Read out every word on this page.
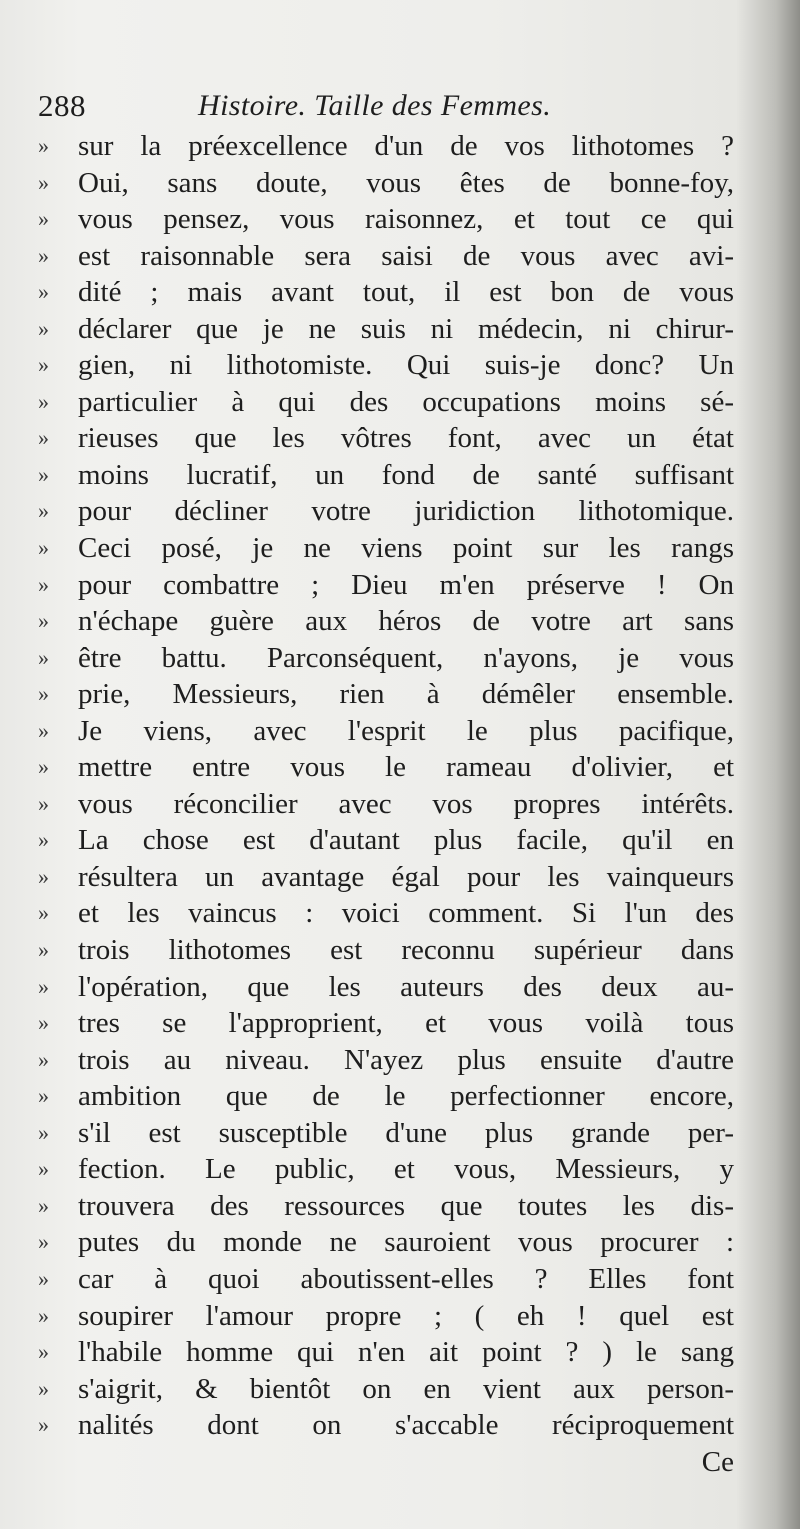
288	Histoire. Taille des Femmes.
»	sur la préexcellence d'un de vos lithotomes ?
»	Oui, sans doute, vous êtes de bonne-foy,
»	vous pensez, vous raisonnez, et tout ce qui
»	est raisonnable sera saisi de vous avec avi-
»	dité ; mais avant tout, il est bon de vous
»	déclarer que je ne suis ni médecin, ni chirur-
»	gien, ni lithotomiste. Qui suis-je donc? Un
»	particulier à qui des occupations moins sé-
»	rieuses que les vôtres font, avec un état
»	moins lucratif, un fond de santé suffisant
»	pour décliner votre juridiction lithotomique.
»	Ceci posé, je ne viens point sur les rangs
»	pour combattre ; Dieu m'en préserve ! On
»	n'échape guère aux héros de votre art sans
»	être battu. Parconséquent, n'ayons, je vous
»	prie, Messieurs, rien à démêler ensemble.
»	Je viens, avec l'esprit le plus pacifique,
»	mettre entre vous le rameau d'olivier, et
»	vous réconcilier avec vos propres intérêts.
»	La chose est d'autant plus facile, qu'il en
»	résultera un avantage égal pour les vainqueurs
»	et les vaincus : voici comment. Si l'un des
»	trois lithotomes est reconnu supérieur dans
»	l'opération, que les auteurs des deux au-
»	tres se l'approprient, et vous voilà tous
»	trois au niveau. N'ayez plus ensuite d'autre
»	ambition que de le perfectionner encore,
»	s'il est susceptible d'une plus grande per-
»	fection. Le public, et vous, Messieurs, y
»	trouvera des ressources que toutes les dis-
»	putes du monde ne sauroient vous procurer :
»	car à quoi aboutissent-elles ? Elles font
»	soupirer l'amour propre ; ( eh ! quel est
»	l'habile homme qui n'en ait point ? ) le sang
»	s'aigrit, & bientôt on en vient aux person-
»	nalités dont on s'accable réciproquement
Ce
